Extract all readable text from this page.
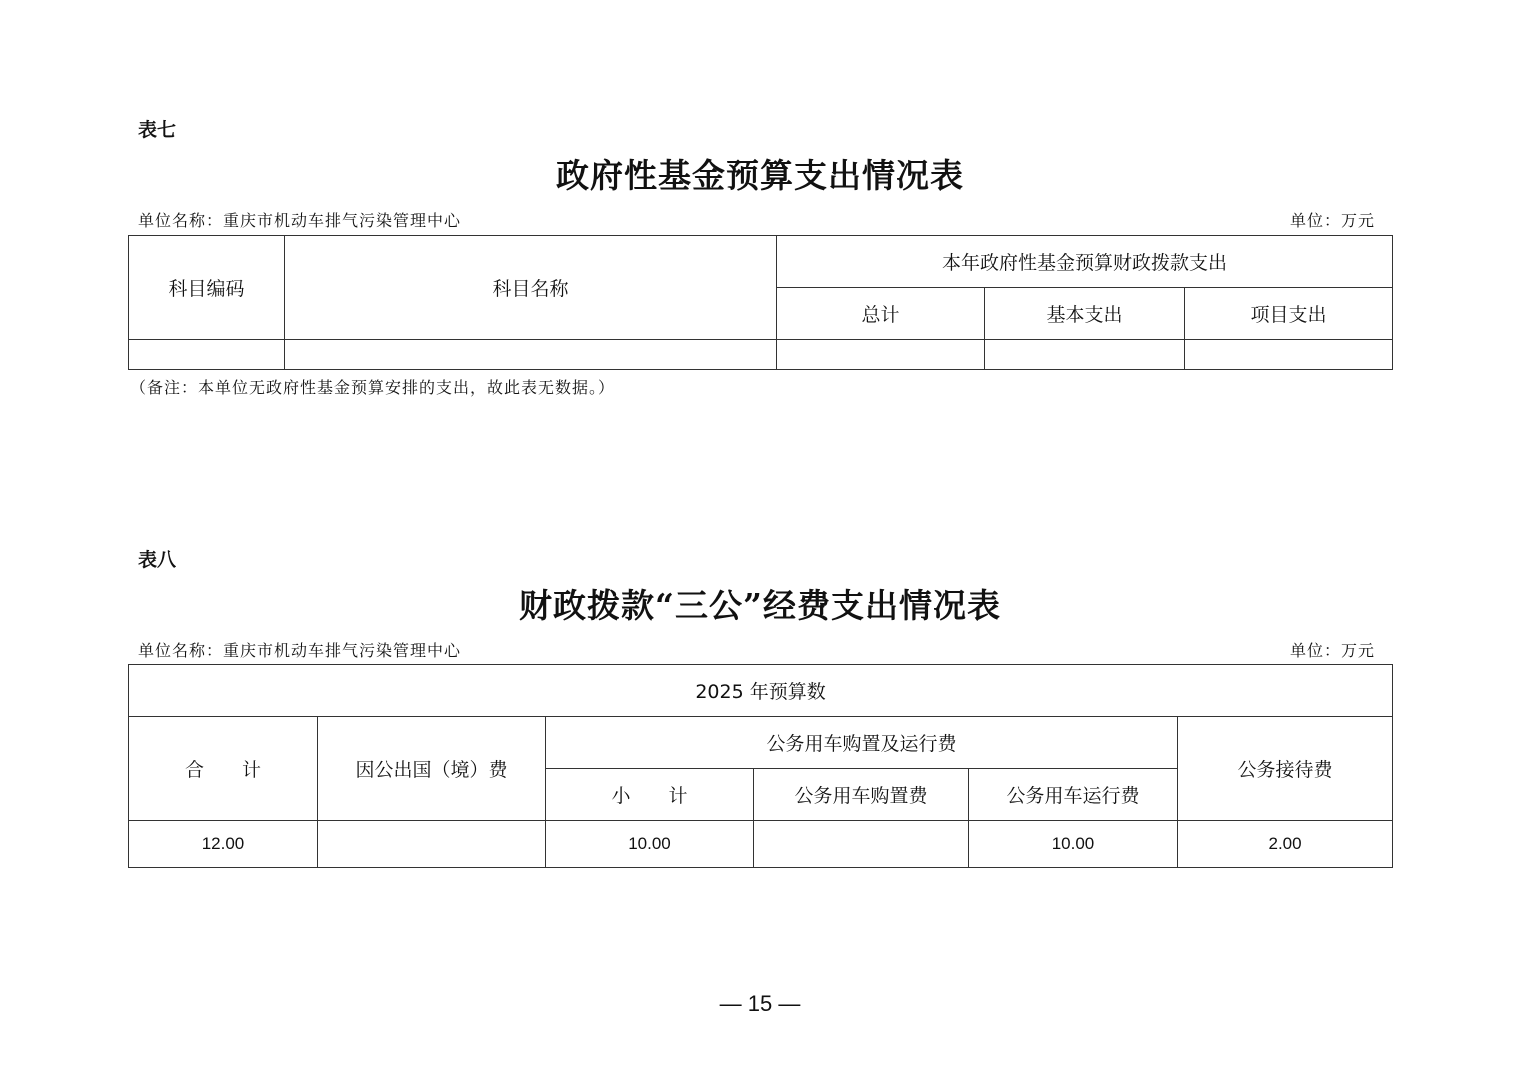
表七
政府性基金预算支出情况表
单位名称：重庆市机动车排气污染管理中心	单位：万元
科目编码	科目名称	本年政府性基金预算财政拨款支出		
		总计	基本支出	项目支出

（备注：本单位无政府性基金预算安排的支出，故此表无数据。）
表八
财政拨款“三公”经费支出情况表
单位名称：重庆市机动车排气污染管理中心	单位：万元
2025 年预算数					
合　　计	因公出国（境）费	公务用车购置及运行费			公务接待费
		小　　计	公务用车购置费	公务用车运行费	
12.00		10.00		10.00	2.00
— 15 —
